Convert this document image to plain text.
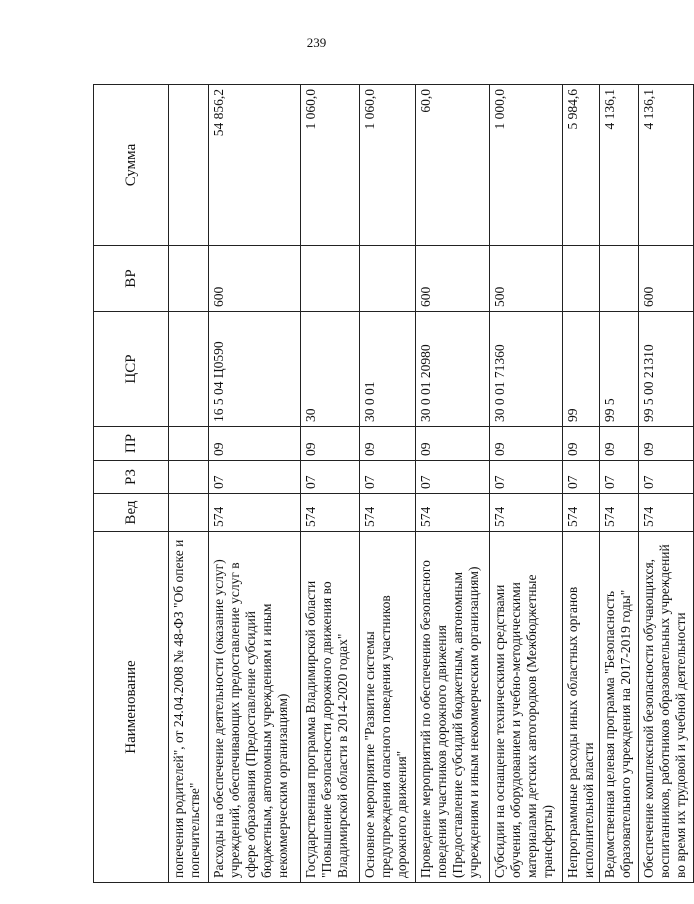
239
Наименование	Вед	РЗ	ПР	ЦСР	ВР	Сумма
попечения родителей", от 24.04.2008 № 48-ФЗ "Об опеке и попечительстве"						
Расходы на обеспечение деятельности (оказание услуг) учреждений, обеспечивающих предоставление услуг в сфере образования (Предоставление субсидий бюджетным, автономным учреждениям и иным некоммерческим организациям)	574	07	09	16 5 04 Ц0590	600	54 856,2
Государственная программа Владимирской области "Повышение безопасности дорожного движения во Владимирской области в 2014-2020 годах"	574	07	09	30		1 060,0
Основное мероприятие "Развитие системы предупреждения опасного поведения участников дорожного движения"	574	07	09	30 0 01		1 060,0
Проведение мероприятий по обеспечению безопасного поведения участников дорожного движения (Предоставление субсидий бюджетным, автономным учреждениям и иным некоммерческим организациям)	574	07	09	30 0 01 20980	600	60,0
Субсидии на оснащение техническими средствами обучения, оборудованием и учебно-методическими материалами детских автогородков (Межбюджетные трансферты)	574	07	09	30 0 01 71360	500	1 000,0
Непрограммные расходы иных областных органов исполнительной власти	574	07	09	99		5 984,6
Ведомственная целевая программа "Безопасность образовательного учреждения на 2017-2019 годы"	574	07	09	99 5		4 136,1
Обеспечение комплексной безопасности обучающихся, воспитанников, работников образовательных учреждений во время их трудовой и учебной деятельности	574	07	09	99 5 00 21310	600	4 136,1
